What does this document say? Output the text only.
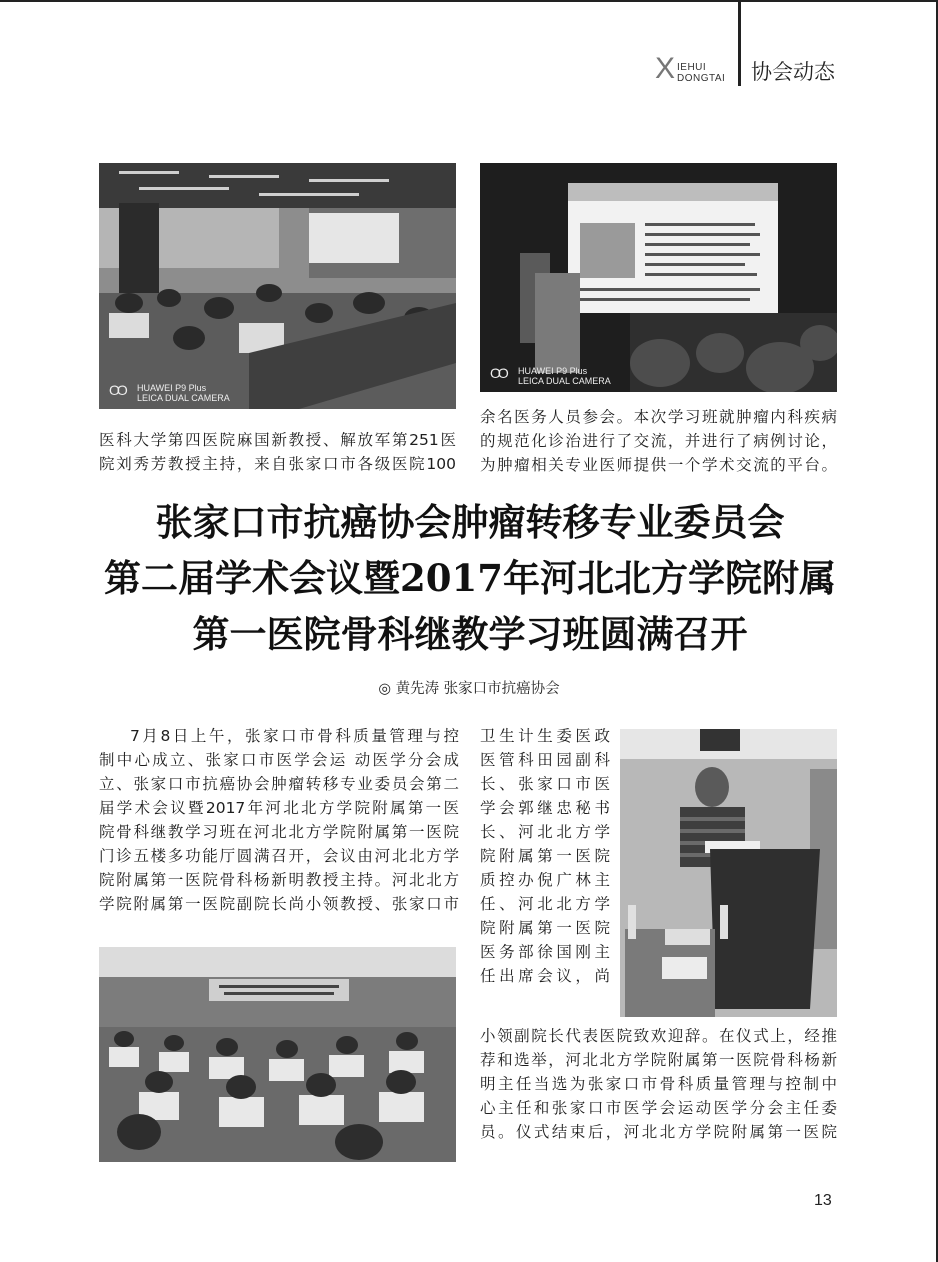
X IEHUI
DONGTAI 协会动态
OO HUAWEI P9 Plus
LEICA DUAL CAMERA
OO HUAWEI P9 Plus
LEICA DUAL CAMERA
医科大学第四医院麻国新教授、解放军第251医
院刘秀芳教授主持，来自张家口市各级医院100
余名医务人员参会。本次学习班就肿瘤内科疾病
的规范化诊治进行了交流，并进行了病例讨论，
为肿瘤相关专业医师提供一个学术交流的平台。
张家口市抗癌协会肿瘤转移专业委员会
第二届学术会议暨2017年河北北方学院附属
第一医院骨科继教学习班圆满召开
◎ 黄先涛 张家口市抗癌协会
7月8日上午，张家口市骨科质量管理与控
制中心成立、张家口市医学会运 动医学分会成
立、张家口市抗癌协会肿瘤转移专业委员会第二
届学术会议暨2017年河北北方学院附属第一医
院骨科继教学习班在河北北方学院附属第一医院
门诊五楼多功能厅圆满召开，会议由河北北方学
院附属第一医院骨科杨新明教授主持。河北北方
学院附属第一医院副院长尚小领教授、张家口市
卫生计生委医政
医管科田园副科
长、张家口市医
学会郭继忠秘书
长、河北北方学
院附属第一医院
质控办倪广林主
任、河北北方学
院附属第一医院
医务部徐国刚主
任出席会议，尚
小领副院长代表医院致欢迎辞。在仪式上，经推
荐和选举，河北北方学院附属第一医院骨科杨新
明主任当选为张家口市骨科质量管理与控制中
心主任和张家口市医学会运动医学分会主任委
员。仪式结束后，河北北方学院附属第一医院
13
